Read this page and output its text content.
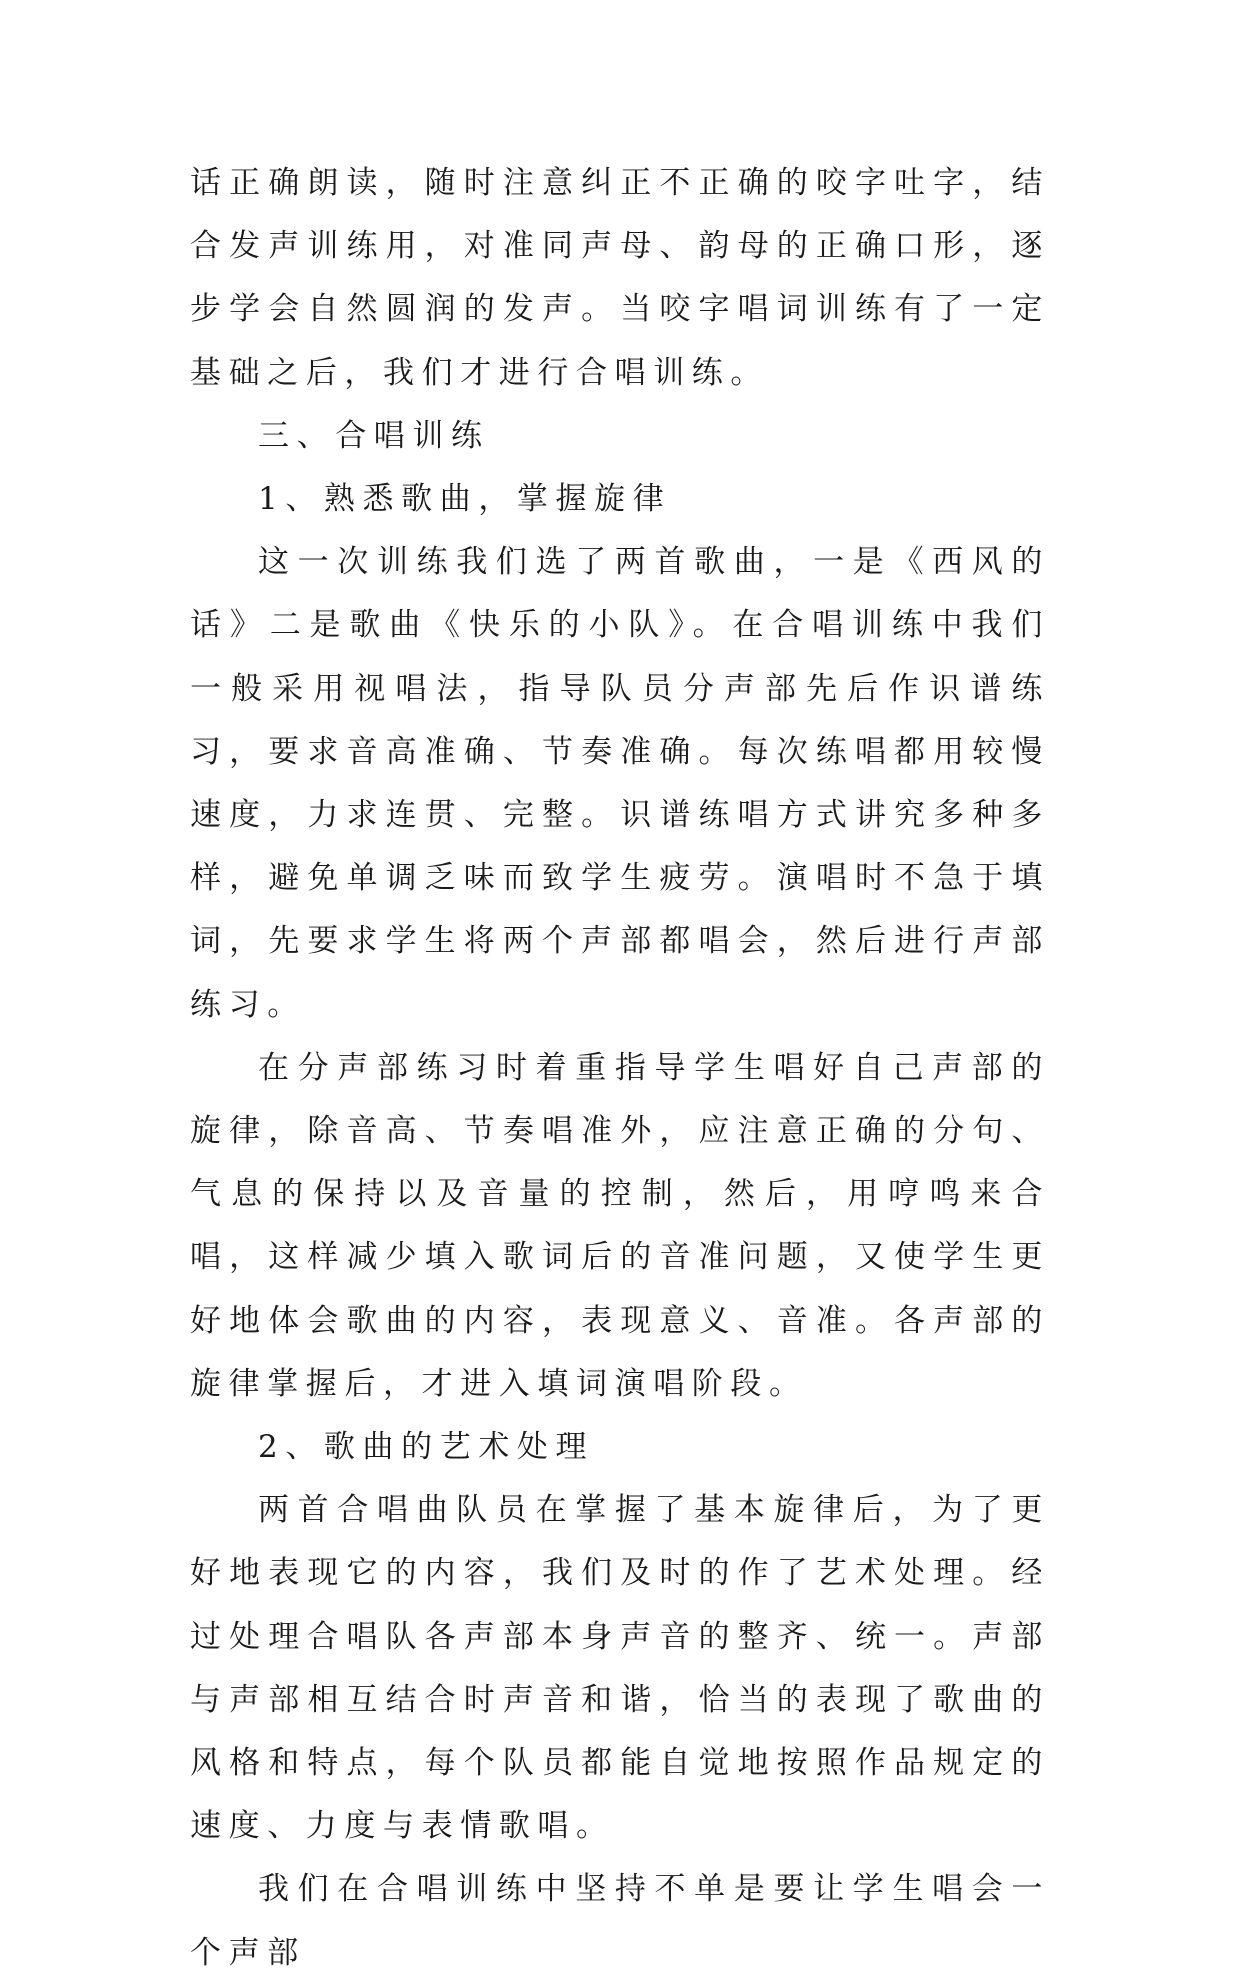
话正确朗读，随时注意纠正不正确的咬字吐字，结合发声训练用，对准同声母、韵母的正确口形，逐步学会自然圆润的发声。当咬字唱词训练有了一定基础之后，我们才进行合唱训练。

三、合唱训练

1、熟悉歌曲，掌握旋律

这一次训练我们选了两首歌曲，一是《西风的话》二是歌曲《快乐的小队》。在合唱训练中我们一般采用视唱法，指导队员分声部先后作识谱练习，要求音高准确、节奏准确。每次练唱都用较慢速度，力求连贯、完整。识谱练唱方式讲究多种多样，避免单调乏味而致学生疲劳。演唱时不急于填词，先要求学生将两个声部都唱会，然后进行声部练习。

在分声部练习时着重指导学生唱好自己声部的旋律，除音高、节奏唱准外，应注意正确的分句、气息的保持以及音量的控制，然后，用哼鸣来合唱，这样减少填入歌词后的音准问题，又使学生更好地体会歌曲的内容，表现意义、音准。各声部的旋律掌握后，才进入填词演唱阶段。

2、歌曲的艺术处理

两首合唱曲队员在掌握了基本旋律后，为了更好地表现它的内容，我们及时的作了艺术处理。经过处理合唱队各声部本身声音的整齐、统一。声部与声部相互结合时声音和谐，恰当的表现了歌曲的风格和特点，每个队员都能自觉地按照作品规定的速度、力度与表情歌唱。

我们在合唱训练中坚持不单是要让学生唱会一个声部
